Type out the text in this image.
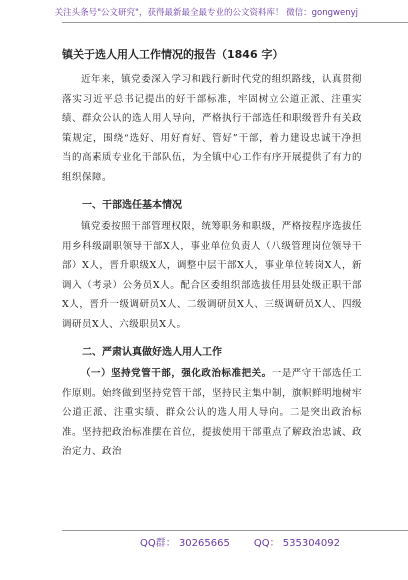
关注头条号"公文研究"，获得最新最全最专业的公文资料库！ 微信：gongwenyj

镇关于选人用人工作情况的报告（1846 字）

近年来，镇党委深入学习和践行新时代党的组织路线，认真贯彻落实习近平总书记提出的好干部标准，牢固树立公道正派、注重实绩、群众公认的选人用人导向，严格执行干部选任和职级晋升有关政策规定，围绕“选好、用好育好、管好”干部，着力建设忠诚干净担当的高素质专业化干部队伍，为全镇中心工作有序开展提供了有力的组织保障。

一、干部选任基本情况

镇党委按照干部管理权限，统筹职务和职级，严格按程序选拔任用乡科级副职领导干部X人，事业单位负责人（八级管理岗位领导干部）X人，晋升职级X人，调整中层干部X人，事业单位转岗X人，新调入（考录）公务员X人。配合区委组织部选拔任用县处级正职干部X人，晋升一级调研员X人、二级调研员X人、三级调研员X人、四级调研员X人、六级职员X人。

二、严肃认真做好选人用人工作

（一）坚持党管干部，强化政治标准把关。一是严守干部选任工作原则。始终做到坚持党管干部，坚持民主集中制，旗帜鲜明地树牢公道正派、注重实绩、群众公认的选人用人导向。二是突出政治标准。坚持把政治标准摆在首位，提拔使用干部重点了解政治忠诚、政治定力、政治

QQ群： 30265665 QQ： 535304092
